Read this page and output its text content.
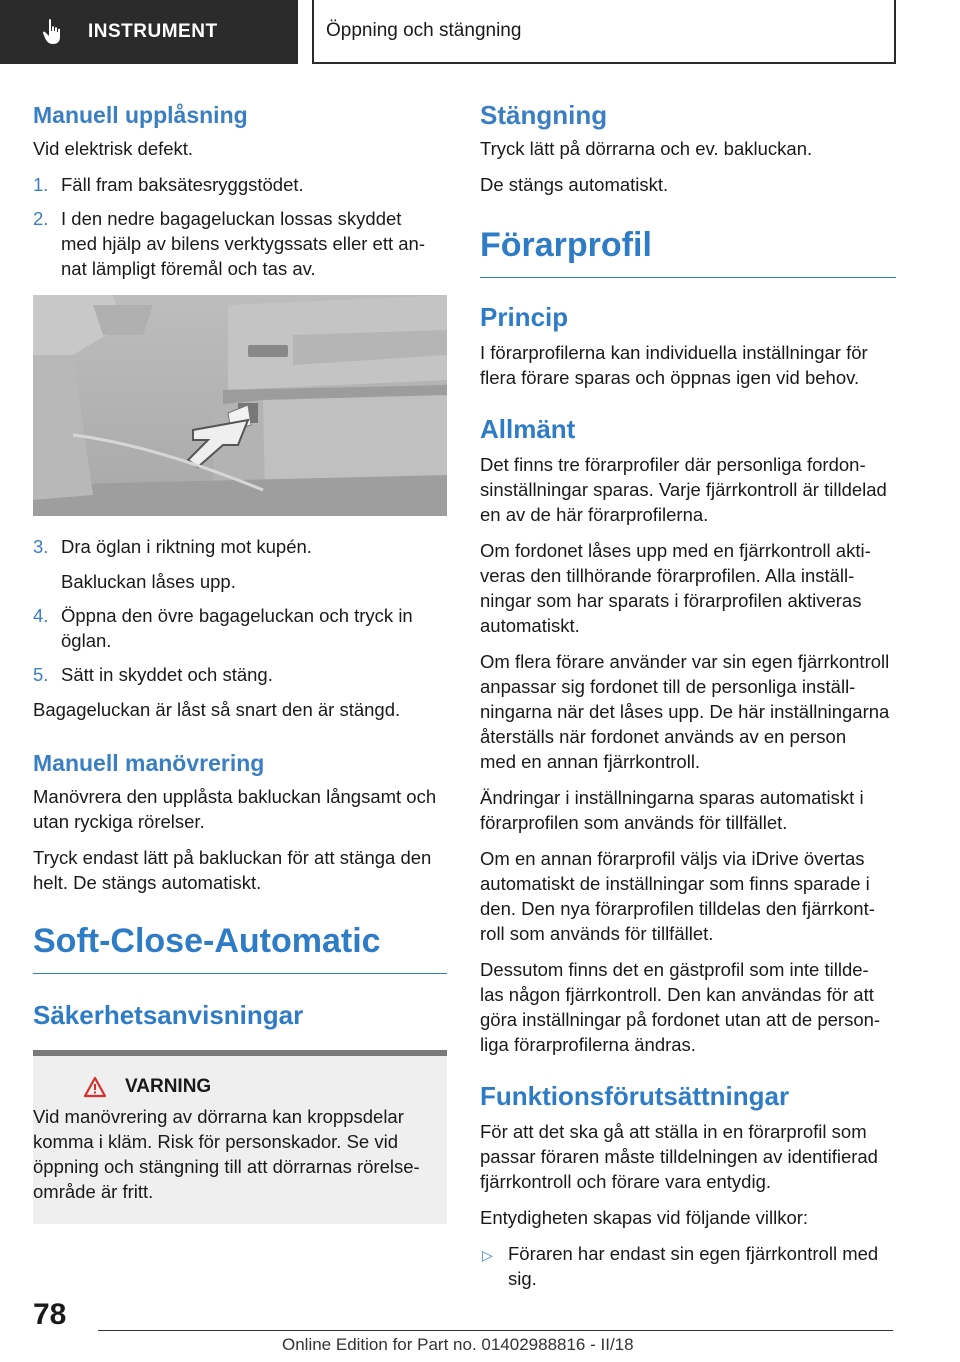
INSTRUMENT	Öppning och stängning
Manuell upplåsning

Vid elektrisk defekt.

1. Fäll fram baksätesryggstödet.
2. I den nedre bagageluckan lossas skyddet
med hjälp av bilens verktygssats eller ett an‐
nat lämpligt föremål och tas av.
3. Dra öglan i riktning mot kupén.
Bakluckan låses upp.
4. Öppna den övre bagageluckan och tryck in
öglan.
5. Sätt in skyddet och stäng.

Bagageluckan är låst så snart den är stängd.

Manuell manövrering

Manövrera den upplåsta bakluckan långsamt och
utan ryckiga rörelser.

Tryck endast lätt på bakluckan för att stänga den
helt. De stängs automatiskt.

Soft-Close-Automatic
Säkerhetsanvisningar
VARNING

Vid manövrering av dörrarna kan kroppsdelar
komma i kläm. Risk för personskador. Se vid
öppning och stängning till att dörrarnas rörelse‐
område är fritt.

Stängning

Tryck lätt på dörrarna och ev. bakluckan.

De stängs automatiskt.

Förarprofil
Princip

I förarprofilerna kan individuella inställningar för
flera förare sparas och öppnas igen vid behov.

Allmänt

Det finns tre förarprofiler där personliga fordon‐
sinställningar sparas. Varje fjärrkontroll är tilldelad
en av de här förarprofilerna.

Om fordonet låses upp med en fjärrkontroll akti‐
veras den tillhörande förarprofilen. Alla inställ‐
ningar som har sparats i förarprofilen aktiveras
automatiskt.

Om flera förare använder var sin egen fjärrkontroll
anpassar sig fordonet till de personliga inställ‐
ningarna när det låses upp. De här inställningarna
återställs när fordonet används av en person
med en annan fjärrkontroll.

Ändringar i inställningarna sparas automatiskt i
förarprofilen som används för tillfället.

Om en annan förarprofil väljs via iDrive övertas
automatiskt de inställningar som finns sparade i
den. Den nya förarprofilen tilldelas den fjärrkont‐
roll som används för tillfället.

Dessutom finns det en gästprofil som inte tillde‐
las någon fjärrkontroll. Den kan användas för att
göra inställningar på fordonet utan att de person‐
liga förarprofilerna ändras.

Funktionsförutsättningar

För att det ska gå att ställa in en förarprofil som
passar föraren måste tilldelningen av identifierad
fjärrkontroll och förare vara entydig.

Entydigheten skapas vid följande villkor:

▷ Föraren har endast sin egen fjärrkontroll med
sig.
78
Online Edition for Part no. 01402988816 - II/18
